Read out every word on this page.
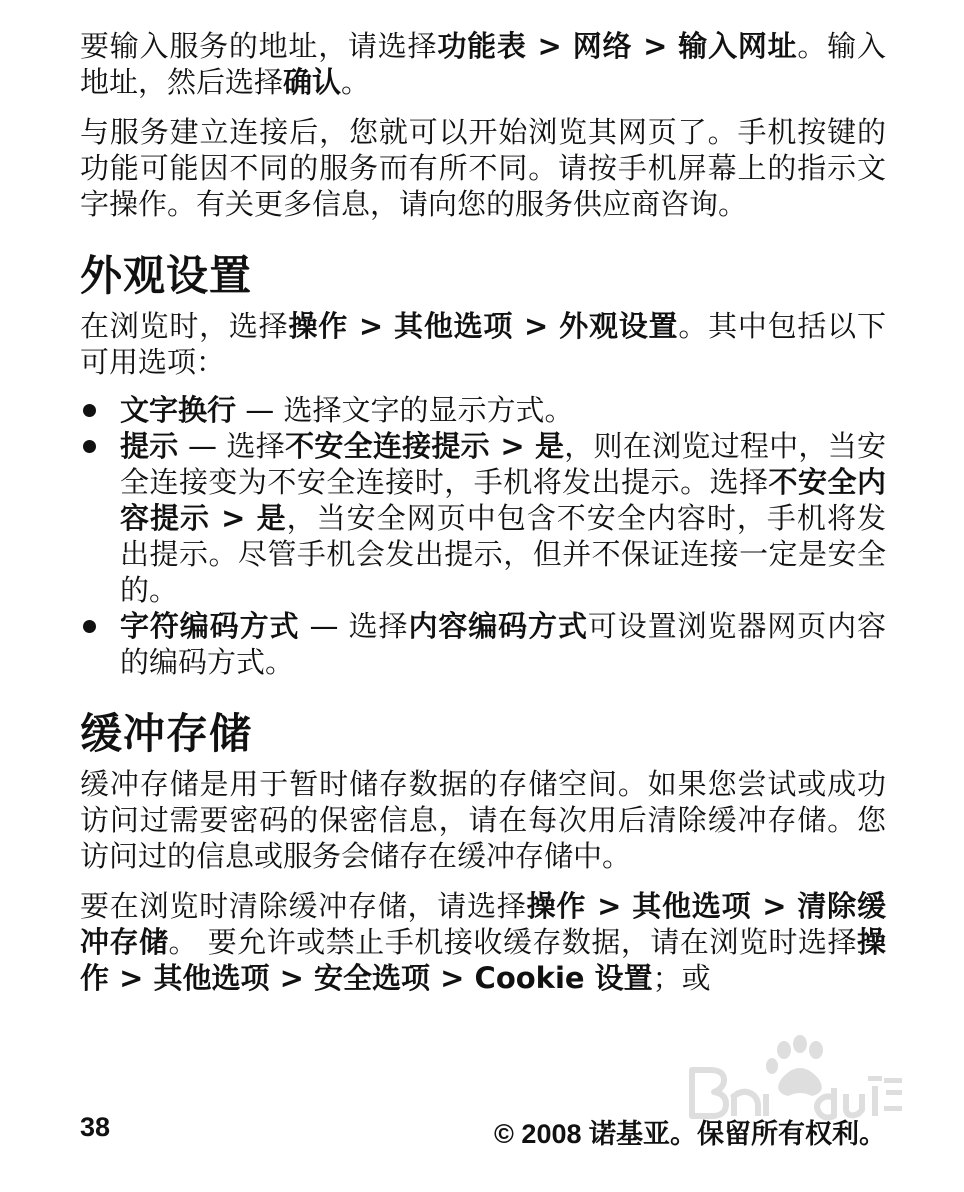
要输入服务的地址，请选择功能表 > 网络 > 输入网址。输入地址，然后选择确认。

与服务建立连接后，您就可以开始浏览其网页了。手机按键的功能可能因不同的服务而有所不同。请按手机屏幕上的指示文字操作。有关更多信息，请向您的服务供应商咨询。

外观设置

在浏览时，选择操作 > 其他选项 > 外观设置。其中包括以下可用选项：

文字换行 — 选择文字的显示方式。
提示 — 选择不安全连接提示 > 是，则在浏览过程中，当安全连接变为不安全连接时，手机将发出提示。选择不安全内容提示 > 是，当安全网页中包含不安全内容时，手机将发出提示。尽管手机会发出提示，但并不保证连接一定是安全的。
字符编码方式 — 选择内容编码方式可设置浏览器网页内容的编码方式。
缓冲存储

缓冲存储是用于暂时储存数据的存储空间。如果您尝试或成功访问过需要密码的保密信息，请在每次用后清除缓冲存储。您访问过的信息或服务会储存在缓冲存储中。

要在浏览时清除缓冲存储，请选择操作 > 其他选项 > 清除缓冲存储。 要允许或禁止手机接收缓存数据，请在浏览时选择操作 > 其他选项 > 安全选项 > Cookie 设置；或

38	© 2008 诺基亚。保留所有权利。
